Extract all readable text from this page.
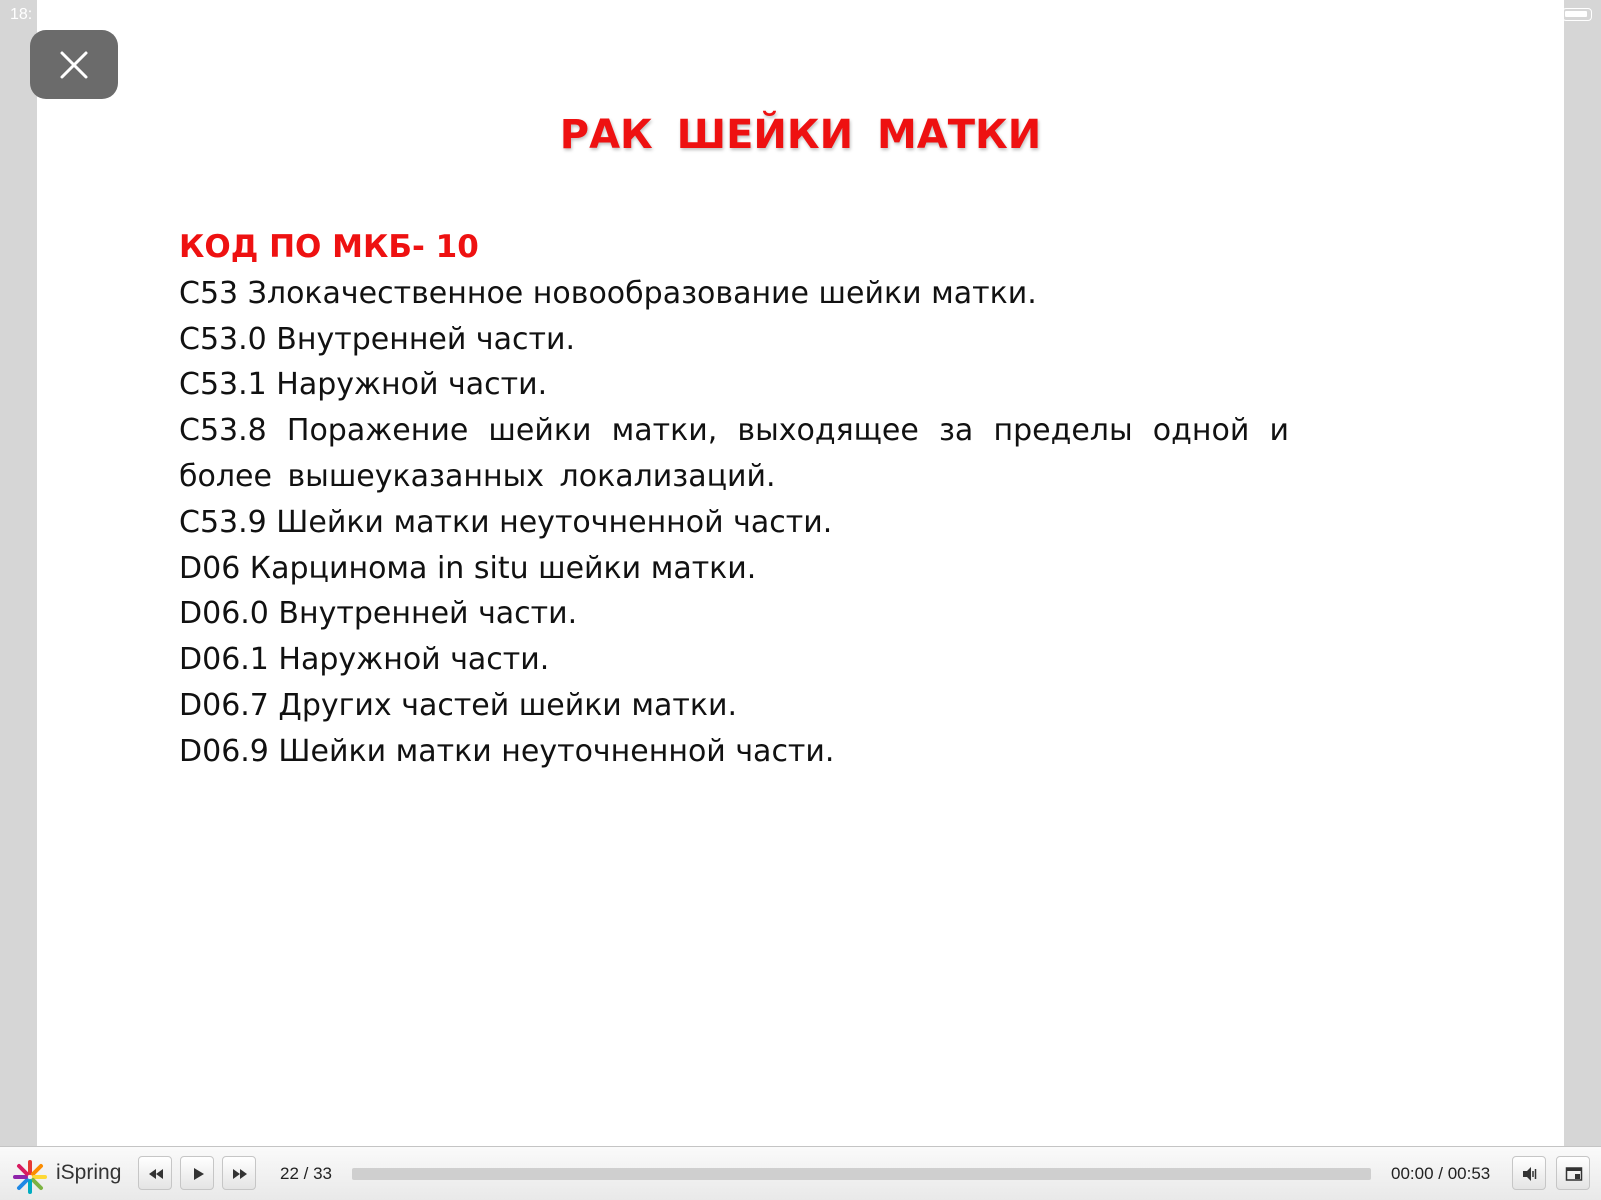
18:
РАК ШЕЙКИ МАТКИ
КОД ПО МКБ- 10
С53 Злокачественное новообразование шейки матки.
С53.0 Внутренней части.
С53.1 Наружной части.
С53.8 Поражение шейки матки, выходящее за пределы одной и более вышеуказанных локализаций.
С53.9 Шейки матки неуточненной части.
D06 Карцинома in situ шейки матки.
D06.0 Внутренней части.
D06.1 Наружной части.
D06.7 Других частей шейки матки.
D06.9 Шейки матки неуточненной части.
iSpring	22 / 33	00:00 / 00:53
